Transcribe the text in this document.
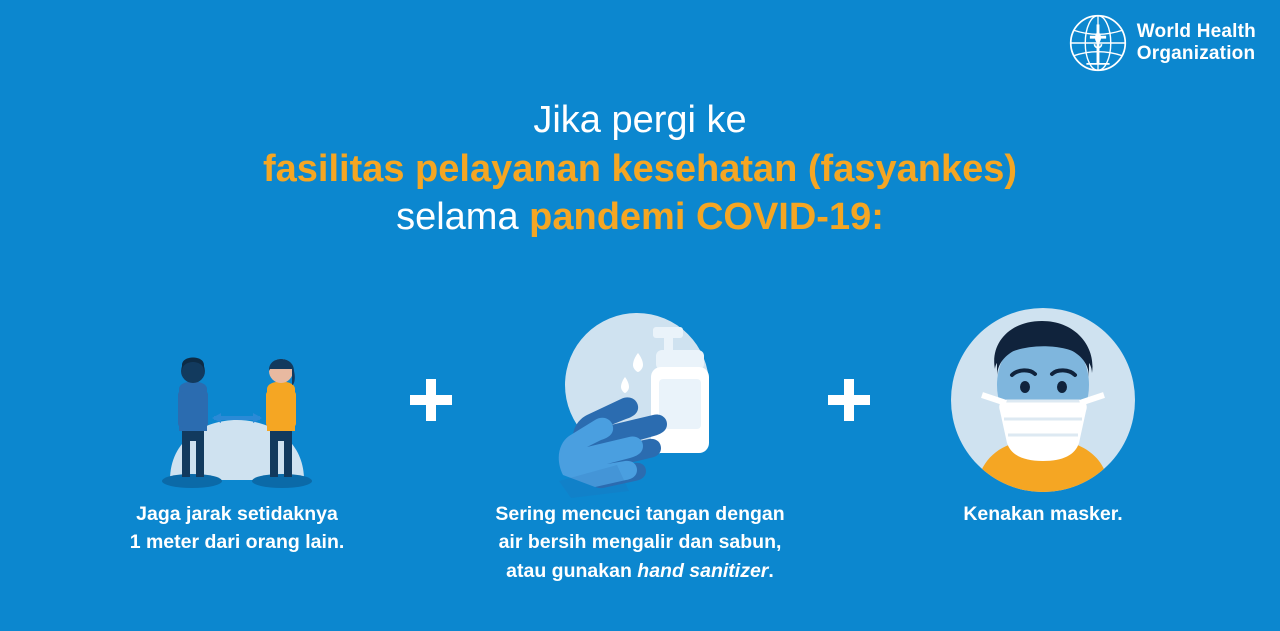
World Health
Organization
Jika pergi ke
fasilitas pelayanan kesehatan (fasyankes)
selama pandemi COVID-19:
Jaga jarak setidaknya
1 meter dari orang lain.
Sering mencuci tangan dengan
air bersih mengalir dan sabun,
atau gunakan hand sanitizer.
Kenakan masker.
